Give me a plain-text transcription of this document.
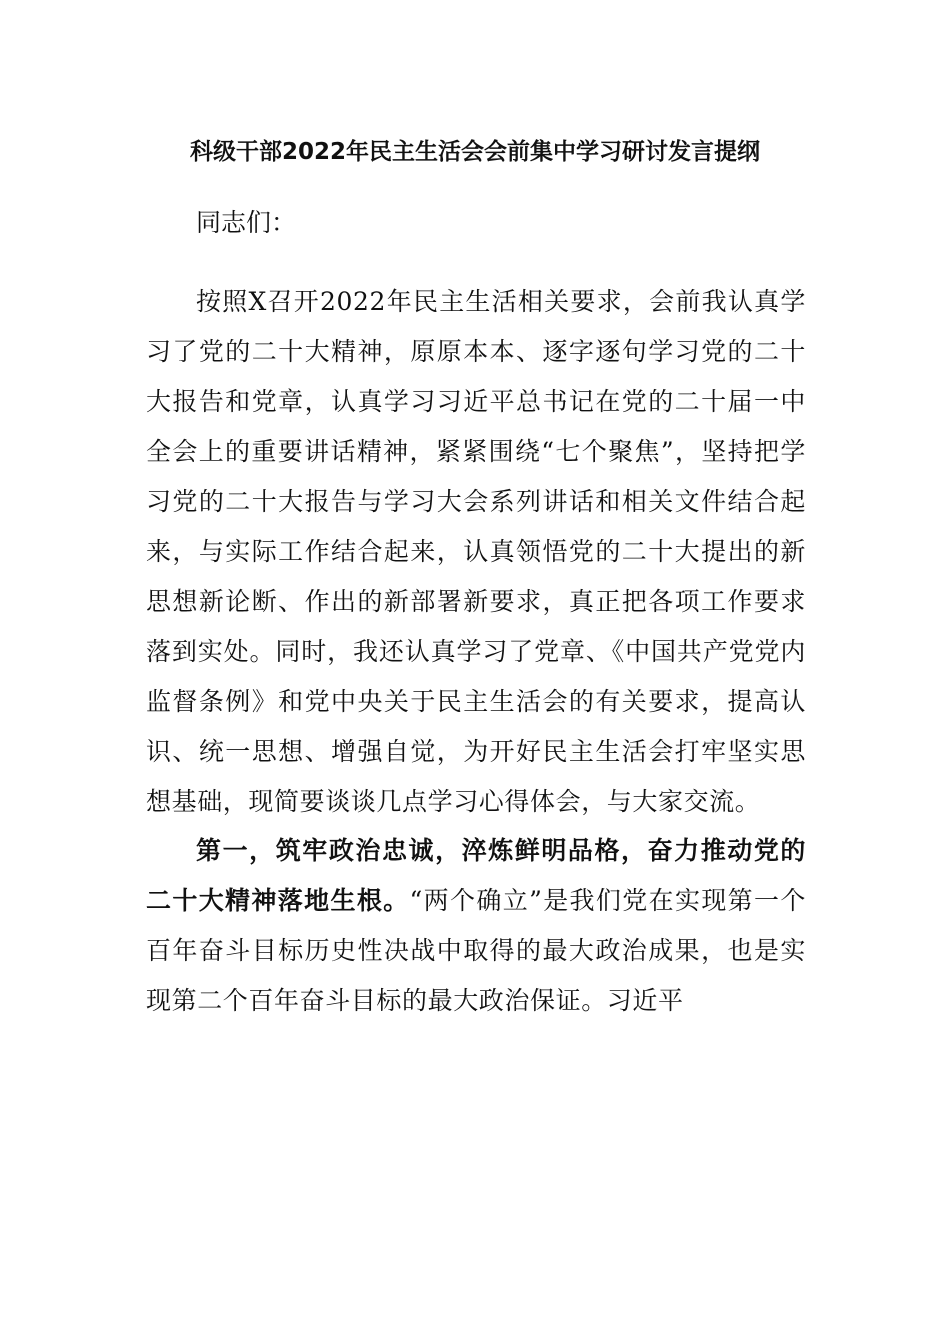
科级干部2022年民主生活会会前集中学习研讨发言提纲
同志们：
按照X召开2022年民主生活相关要求，会前我认真学习了党的二十大精神，原原本本、逐字逐句学习党的二十大报告和党章，认真学习习近平总书记在党的二十届一中全会上的重要讲话精神，紧紧围绕“七个聚焦”，坚持把学习党的二十大报告与学习大会系列讲话和相关文件结合起来，与实际工作结合起来，认真领悟党的二十大提出的新思想新论断、作出的新部署新要求，真正把各项工作要求落到实处。同时，我还认真学习了党章、《中国共产党党内监督条例》和党中央关于民主生活会的有关要求，提高认识、统一思想、增强自觉，为开好民主生活会打牢坚实思想基础，现简要谈谈几点学习心得体会，与大家交流。
第一，筑牢政治忠诚，淬炼鲜明品格，奋力推动党的二十大精神落地生根。“两个确立”是我们党在实现第一个百年奋斗目标历史性决战中取得的最大政治成果，也是实现第二个百年奋斗目标的最大政治保证。习近平
